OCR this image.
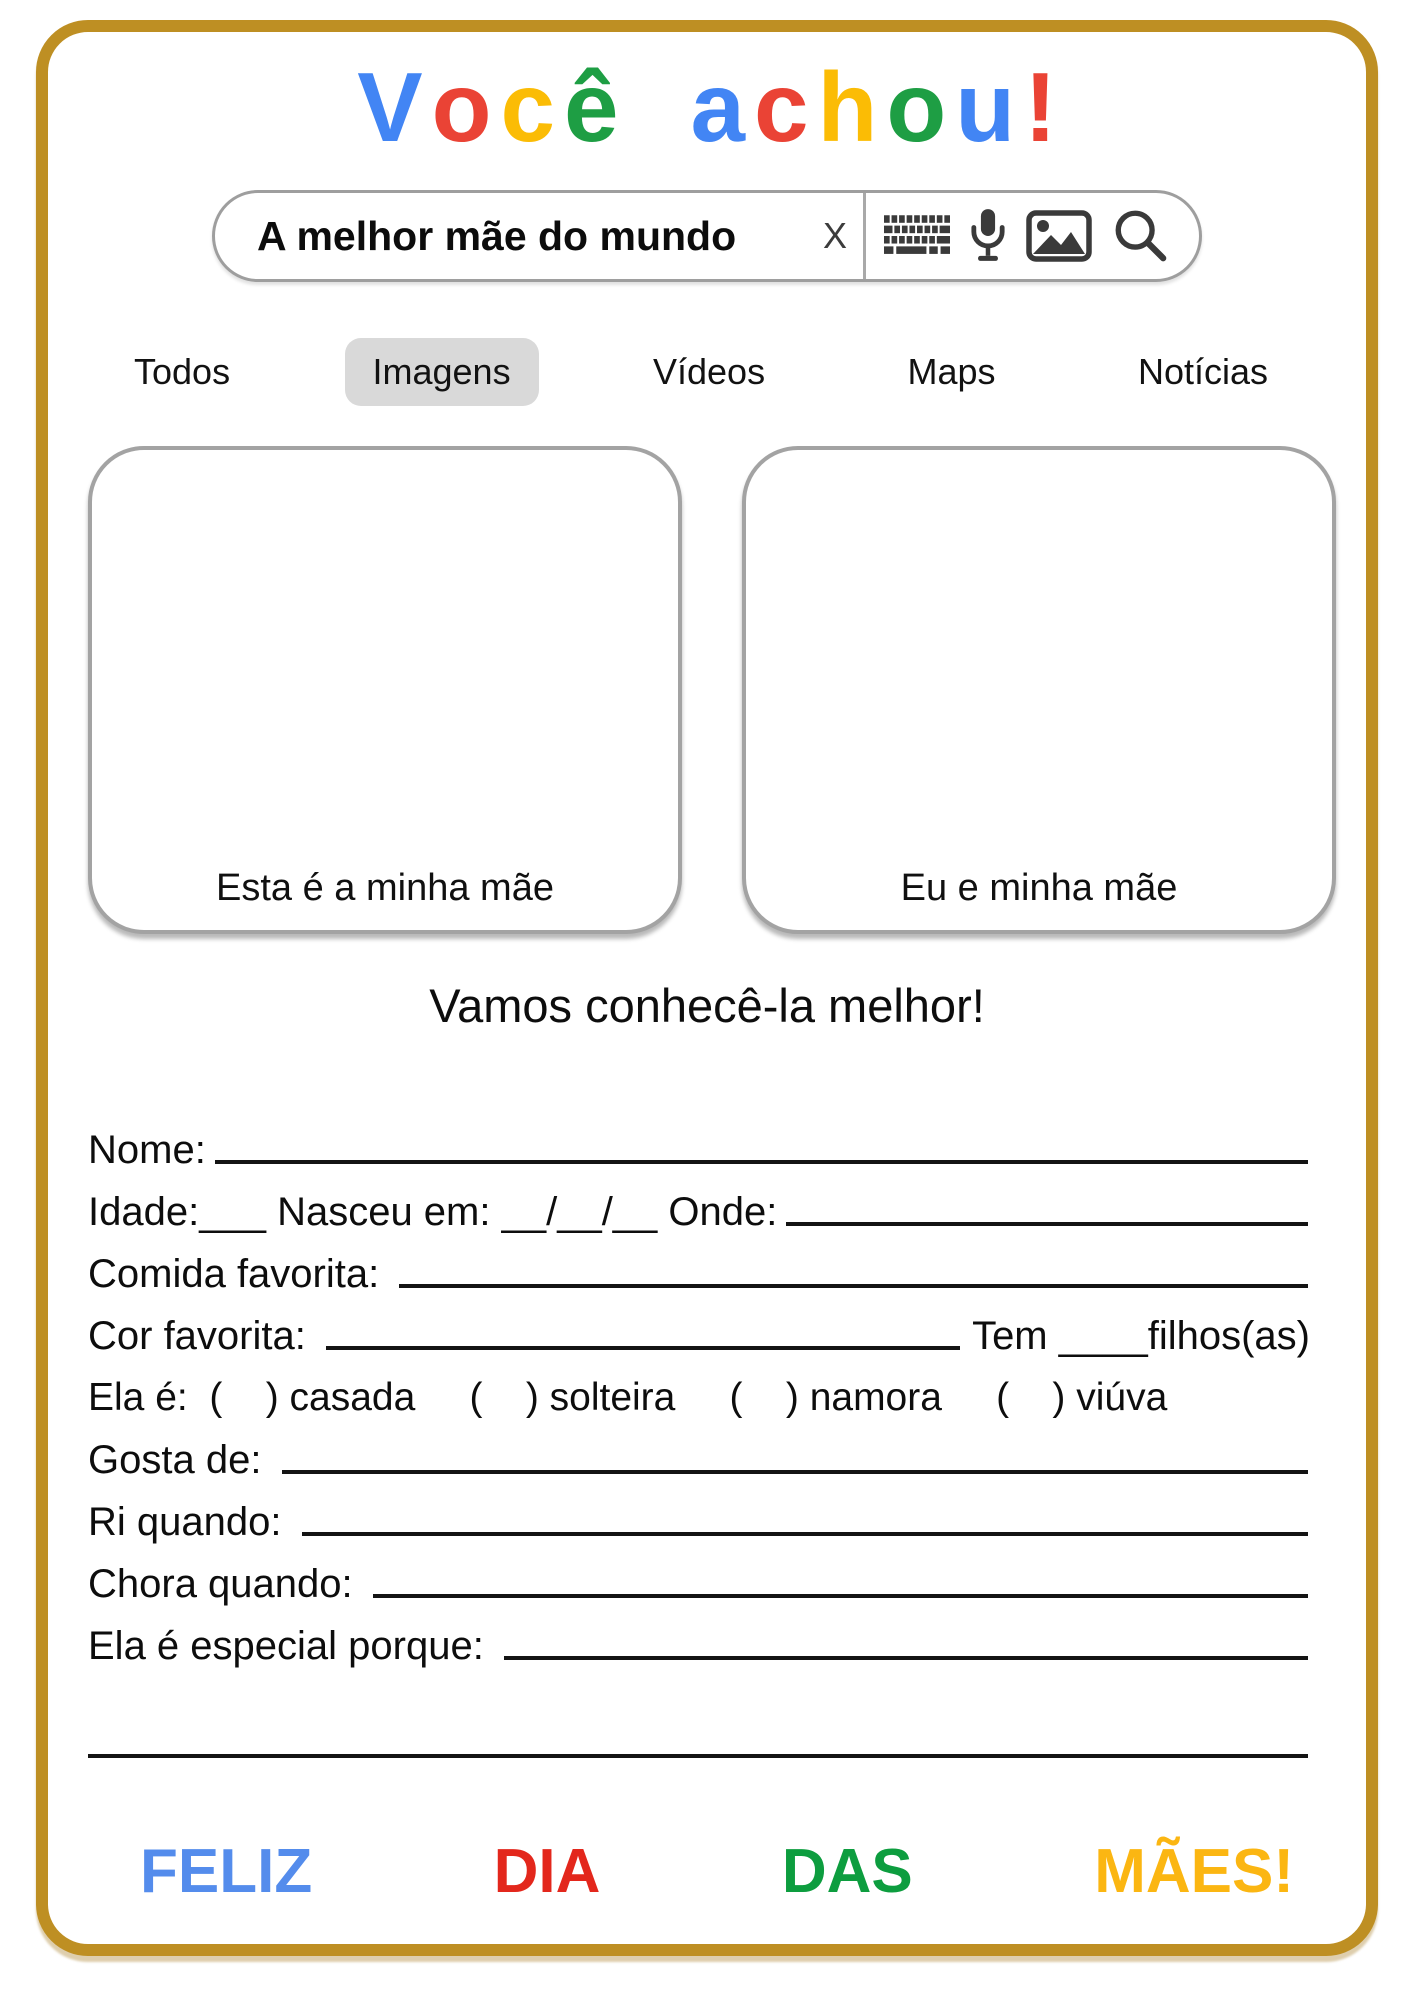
V o c ê a c h o u !
A melhor mãe do mundo X
Todos	Imagens	Vídeos	Maps	Notícias
Esta é a minha mãe	Eu e minha mãe
Vamos conhecê-la melhor!
Nome:
Idade:___ Nasceu em: __/__/__ Onde:
Comida favorita:
Cor favorita:	Tem ____filhos(as)
Ela é:  (    ) casada     (    ) solteira     (    ) namora     (    ) viúva
Gosta de:
Ri quando:
Chora quando:
Ela é especial porque:
FELIZ	DIA	DAS	MÃES!
